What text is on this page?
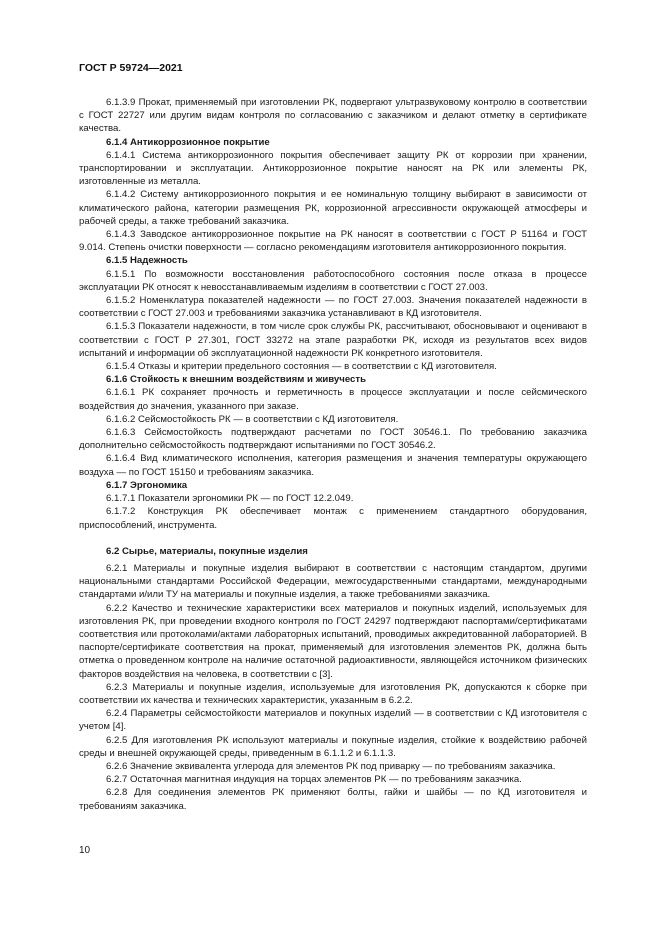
ГОСТ Р 59724—2021

6.1.3.9 Прокат, применяемый при изготовлении РК, подвергают ультразвуковому контролю в соответствии с ГОСТ 22727 или другим видам контроля по согласованию с заказчиком и делают отметку в сертификате качества.

6.1.4 Антикоррозионное покрытие

6.1.4.1 Система антикоррозионного покрытия обеспечивает защиту РК от коррозии при хранении, транспортировании и эксплуатации. Антикоррозионное покрытие наносят на РК или элементы РК, изготовленные из металла.

6.1.4.2 Систему антикоррозионного покрытия и ее номинальную толщину выбирают в зависимости от климатического района, категории размещения РК, коррозионной агрессивности окружающей атмосферы и рабочей среды, а также требований заказчика.

6.1.4.3 Заводское антикоррозионное покрытие на РК наносят в соответствии с ГОСТ Р 51164 и ГОСТ 9.014. Степень очистки поверхности — согласно рекомендациям изготовителя антикоррозионного покрытия.

6.1.5 Надежность

6.1.5.1 По возможности восстановления работоспособного состояния после отказа в процессе эксплуатации РК относят к невосстанавливаемым изделиям в соответствии с ГОСТ 27.003.

6.1.5.2 Номенклатура показателей надежности — по ГОСТ 27.003. Значения показателей надежности в соответствии с ГОСТ 27.003 и требованиями заказчика устанавливают в КД изготовителя.

6.1.5.3 Показатели надежности, в том числе срок службы РК, рассчитывают, обосновывают и оценивают в соответствии с ГОСТ Р 27.301, ГОСТ 33272 на этапе разработки РК, исходя из результатов всех видов испытаний и информации об эксплуатационной надежности РК конкретного изготовителя.

6.1.5.4 Отказы и критерии предельного состояния — в соответствии с КД изготовителя.

6.1.6 Стойкость к внешним воздействиям и живучесть

6.1.6.1 РК сохраняет прочность и герметичность в процессе эксплуатации и после сейсмического воздействия до значения, указанного при заказе.

6.1.6.2 Сейсмостойкость РК — в соответствии с КД изготовителя.

6.1.6.3 Сейсмостойкость подтверждают расчетами по ГОСТ 30546.1. По требованию заказчика дополнительно сейсмостойкость подтверждают испытаниями по ГОСТ 30546.2.

6.1.6.4 Вид климатического исполнения, категория размещения и значения температуры окружающего воздуха — по ГОСТ 15150 и требованиям заказчика.

6.1.7 Эргономика

6.1.7.1 Показатели эргономики РК — по ГОСТ 12.2.049.

6.1.7.2 Конструкция РК обеспечивает монтаж с применением стандартного оборудования, приспособлений, инструмента.

6.2 Сырье, материалы, покупные изделия

6.2.1 Материалы и покупные изделия выбирают в соответствии с настоящим стандартом, другими национальными стандартами Российской Федерации, межгосударственными стандартами, международными стандартами и/или ТУ на материалы и покупные изделия, а также требованиями заказчика.

6.2.2 Качество и технические характеристики всех материалов и покупных изделий, используемых для изготовления РК, при проведении входного контроля по ГОСТ 24297 подтверждают паспортами/сертификатами соответствия или протоколами/актами лабораторных испытаний, проводимых аккредитованной лабораторией. В паспорте/сертификате соответствия на прокат, применяемый для изготовления элементов РК, должна быть отметка о проведенном контроле на наличие остаточной радиоактивности, являющейся источником физических факторов воздействия на человека, в соответствии с [3].

6.2.3 Материалы и покупные изделия, используемые для изготовления РК, допускаются к сборке при соответствии их качества и технических характеристик, указанным в 6.2.2.

6.2.4 Параметры сейсмостойкости материалов и покупных изделий — в соответствии с КД изготовителя с учетом [4].

6.2.5 Для изготовления РК используют материалы и покупные изделия, стойкие к воздействию рабочей среды и внешней окружающей среды, приведенным в 6.1.1.2 и 6.1.1.3.

6.2.6 Значение эквивалента углерода для элементов РК под приварку — по требованиям заказчика.

6.2.7 Остаточная магнитная индукция на торцах элементов РК — по требованиям заказчика.

6.2.8 Для соединения элементов РК применяют болты, гайки и шайбы — по КД изготовителя и требованиям заказчика.

10
